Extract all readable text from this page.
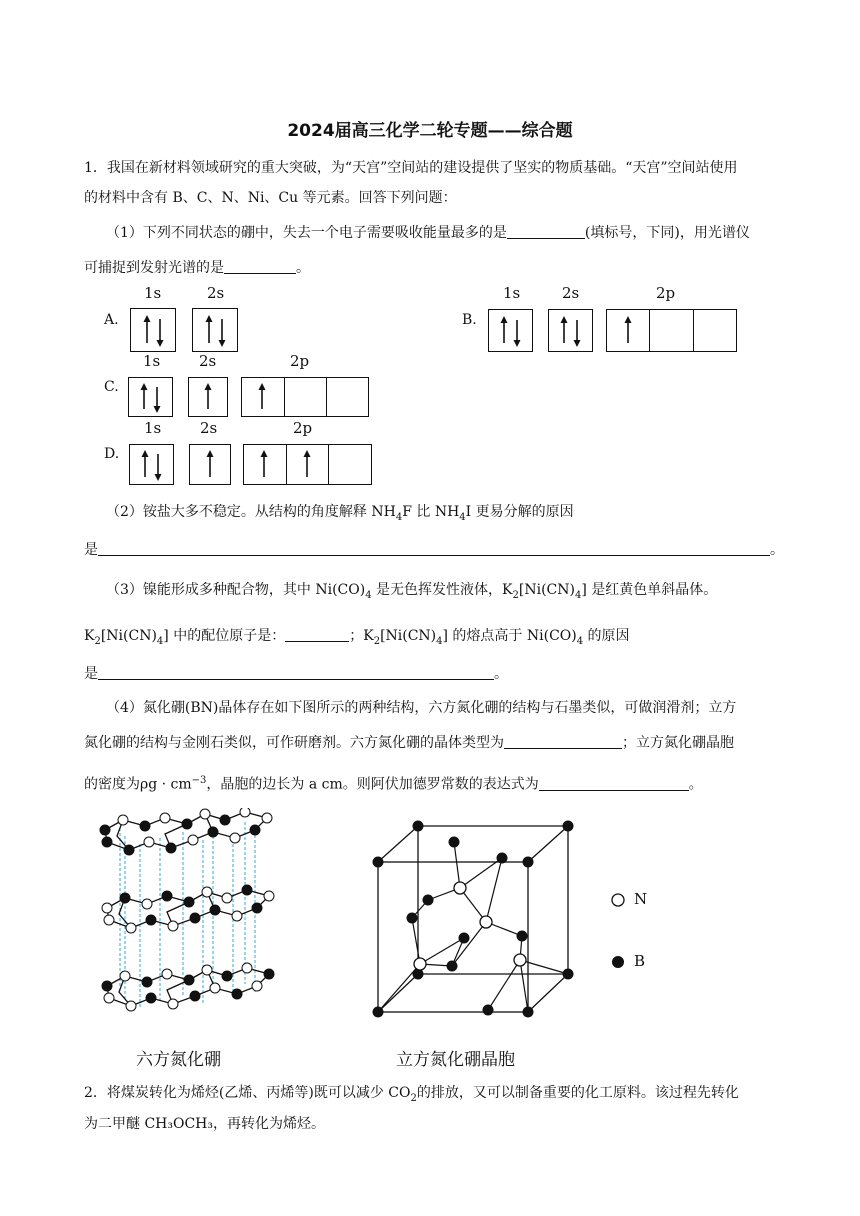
2024届高三化学二轮专题——综合题
1．我国在新材料领域研究的重大突破，为“天宫”空间站的建设提供了坚实的物质基础。“天宫”空间站使用
的材料中含有 B、C、N、Ni、Cu 等元素。回答下列问题：
（1）下列不同状态的硼中，失去一个电子需要吸收能量最多的是	(填标号，下同)，用光谱仪
可捕捉到发射光谱的是	。
A.
1s	2s
B.
1s	2s	2p
C.
1s	2s	2p
D.
1s	2s	2p
（2）铵盐大多不稳定。从结构的角度解释 $NH_4F$ 比 $NH_4I$ 更易分解的原因
是	。
（3）镍能形成多种配合物，其中 $Ni(CO)_4$ 是无色挥发性液体，$K_2[Ni(CN)_4]$ 是红黄色单斜晶体。
$K_2[Ni(CN)_4]$ 中的配位原子是：	；$K_2[Ni(CN)_4]$ 的熔点高于 $Ni(CO)_4$ 的原因
是	。
（4）氮化硼(BN)晶体存在如下图所示的两种结构，六方氮化硼的结构与石墨类似，可做润滑剂；立方
氮化硼的结构与金刚石类似，可作研磨剂。六方氮化硼的晶体类型为	；立方氮化硼晶胞
的密度为$\rho g \cdot cm^{-3}$，晶胞的边长为 a cm。则阿伏加德罗常数的表达式为	。
六方氮化硼	立方氮化硼晶胞
N
B
2．将煤炭转化为烯烃(乙烯、丙烯等)既可以减少 $CO_2$的排放，又可以制备重要的化工原料。该过程先转化
为二甲醚 CH₃OCH₃，再转化为烯烃。
